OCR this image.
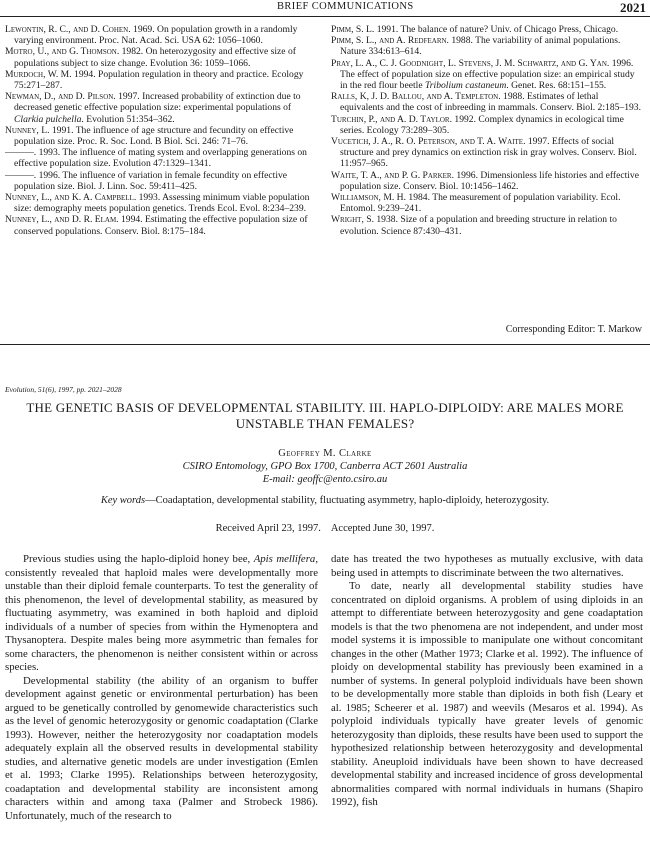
BRIEF COMMUNICATIONS	2021

Lewontin, R. C., and D. Cohen. 1969. On population growth in a randomly varying environment. Proc. Nat. Acad. Sci. USA 62: 1056–1060.

Motro, U., and G. Thomson. 1982. On heterozygosity and effective size of populations subject to size change. Evolution 36: 1059–1066.

Murdoch, W. M. 1994. Population regulation in theory and practice. Ecology 75:271–287.

Newman, D., and D. Pilson. 1997. Increased probability of extinction due to decreased genetic effective population size: experimental populations of Clarkia pulchella. Evolution 51:354–362.

Nunney, L. 1991. The influence of age structure and fecundity on effective population size. Proc. R. Soc. Lond. B Biol. Sci. 246: 71–76.

———. 1993. The influence of mating system and overlapping generations on effective population size. Evolution 47:1329–1341.

———. 1996. The influence of variation in female fecundity on effective population size. Biol. J. Linn. Soc. 59:411–425.

Nunney, L., and K. A. Campbell. 1993. Assessing minimum viable population size: demography meets population genetics. Trends Ecol. Evol. 8:234–239.

Nunney, L., and D. R. Elam. 1994. Estimating the effective population size of conserved populations. Conserv. Biol. 8:175–184.

Pimm, S. L. 1991. The balance of nature? Univ. of Chicago Press, Chicago.

Pimm, S. L., and A. Redfearn. 1988. The variability of animal populations. Nature 334:613–614.

Pray, L. A., C. J. Goodnight, L. Stevens, J. M. Schwartz, and G. Yan. 1996. The effect of population size on effective population size: an empirical study in the red flour beetle Tribolium castaneum. Genet. Res. 68:151–155.

Ralls, K, J. D. Ballou, and A. Templeton. 1988. Estimates of lethal equivalents and the cost of inbreeding in mammals. Conserv. Biol. 2:185–193.

Turchin, P., and A. D. Taylor. 1992. Complex dynamics in ecological time series. Ecology 73:289–305.

Vucetich, J. A., R. O. Peterson, and T. A. Waite. 1997. Effects of social structure and prey dynamics on extinction risk in gray wolves. Conserv. Biol. 11:957–965.

Waite, T. A., and P. G. Parker. 1996. Dimensionless life histories and effective population size. Conserv. Biol. 10:1456–1462.

Williamson, M. H. 1984. The measurement of population variability. Ecol. Entomol. 9:239–241.

Wright, S. 1938. Size of a population and breeding structure in relation to evolution. Science 87:430–431.

Corresponding Editor: T. Markow
Evolution, 51(6), 1997, pp. 2021–2028
THE GENETIC BASIS OF DEVELOPMENTAL STABILITY. III. HAPLO-DIPLOIDY: ARE MALES MORE UNSTABLE THAN FEMALES?
Geoffrey M. Clarke
CSIRO Entomology, GPO Box 1700, Canberra ACT 2601 Australia
E-mail: geoffc@ento.csiro.au
Key words—Coadaptation, developmental stability, fluctuating asymmetry, haplo-diploidy, heterozygosity.
Received April 23, 1997.    Accepted June 30, 1997.

Previous studies using the haplo-diploid honey bee, Apis mellifera, consistently revealed that haploid males were developmentally more unstable than their diploid female counterparts. To test the generality of this phenomenon, the level of developmental stability, as measured by fluctuating asymmetry, was examined in both haploid and diploid individuals of a number of species from within the Hymenoptera and Thysanoptera. Despite males being more asymmetric than females for some characters, the phenomenon is neither consistent within or across species.

Developmental stability (the ability of an organism to buffer development against genetic or environmental perturbation) has been argued to be genetically controlled by genomewide characteristics such as the level of genomic heterozygosity or genomic coadaptation (Clarke 1993). However, neither the heterozygosity nor coadaptation models adequately explain all the observed results in developmental stability studies, and alternative genetic models are under investigation (Emlen et al. 1993; Clarke 1995). Relationships between heterozygosity, coadaptation and developmental stability are inconsistent among characters within and among taxa (Palmer and Strobeck 1986). Unfortunately, much of the research to

date has treated the two hypotheses as mutually exclusive, with data being used in attempts to discriminate between the two alternatives.

To date, nearly all developmental stability studies have concentrated on diploid organisms. A problem of using diploids in an attempt to differentiate between heterozygosity and gene coadaptation models is that the two phenomena are not independent, and under most model systems it is impossible to manipulate one without concomitant changes in the other (Mather 1973; Clarke et al. 1992). The influence of ploidy on developmental stability has previously been examined in a number of systems. In general polyploid individuals have been shown to be developmentally more stable than diploids in both fish (Leary et al. 1985; Scheerer et al. 1987) and weevils (Mesaros et al. 1994). As polyploid individuals typically have greater levels of genomic heterozygosity than diploids, these results have been used to support the hypothesized relationship between heterozygosity and developmental stability. Aneuploid individuals have been shown to have decreased developmental stability and increased incidence of gross developmental abnormalities compared with normal individuals in humans (Shapiro 1992), fish
